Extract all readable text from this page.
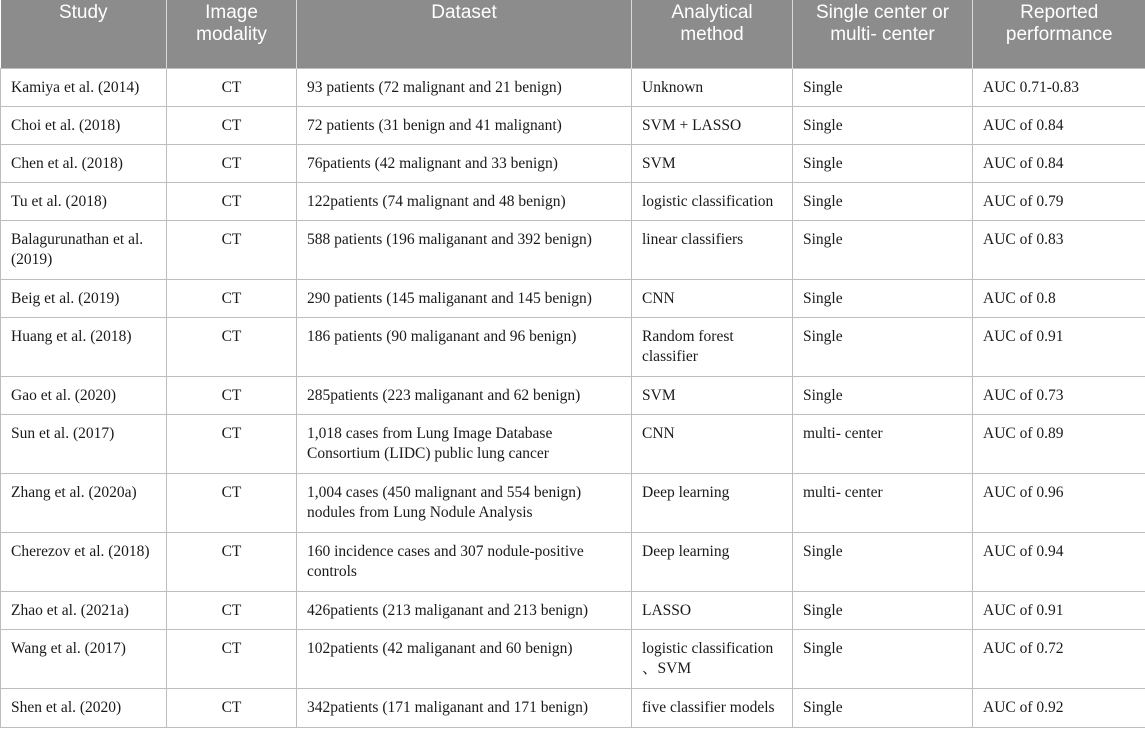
Study	Image modality	Dataset	Analytical method	Single center or multi- center	Reported performance
Kamiya et al. (2014)	CT	93 patients (72 malignant and 21 benign)	Unknown	Single	AUC 0.71-0.83
Choi et al. (2018)	CT	72 patients (31 benign and 41 malignant)	SVM + LASSO	Single	AUC of 0.84
Chen et al. (2018)	CT	76patients (42 malignant and 33 benign)	SVM	Single	AUC of 0.84
Tu et al. (2018)	CT	122patients (74 malignant and 48 benign)	logistic classification	Single	AUC of 0.79
Balagurunathan et al. (2019)	CT	588 patients (196 maliganant and 392 benign)	linear classifiers	Single	AUC of 0.83
Beig et al. (2019)	CT	290 patients (145 maliganant and 145 benign)	CNN	Single	AUC of 0.8
Huang et al. (2018)	CT	186 patients (90 maliganant and 96 benign)	Random forest classifier	Single	AUC of 0.91
Gao et al. (2020)	CT	285patients (223 maliganant and 62 benign)	SVM	Single	AUC of 0.73
Sun et al. (2017)	CT	1,018 cases from Lung Image Database Consortium (LIDC) public lung cancer	CNN	multi- center	AUC of 0.89
Zhang et al. (2020a)	CT	1,004 cases (450 malignant and 554 benign) nodules from Lung Nodule Analysis	Deep learning	multi- center	AUC of 0.96
Cherezov et al. (2018)	CT	160 incidence cases and 307 nodule-positive controls	Deep learning	Single	AUC of 0.94
Zhao et al. (2021a)	CT	426patients (213 maliganant and 213 benign)	LASSO	Single	AUC of 0.91
Wang et al. (2017)	CT	102patients (42 maliganant and 60 benign)	logistic classification 、SVM	Single	AUC of 0.72
Shen et al. (2020)	CT	342patients (171 maliganant and 171 benign)	five classifier models	Single	AUC of 0.92
